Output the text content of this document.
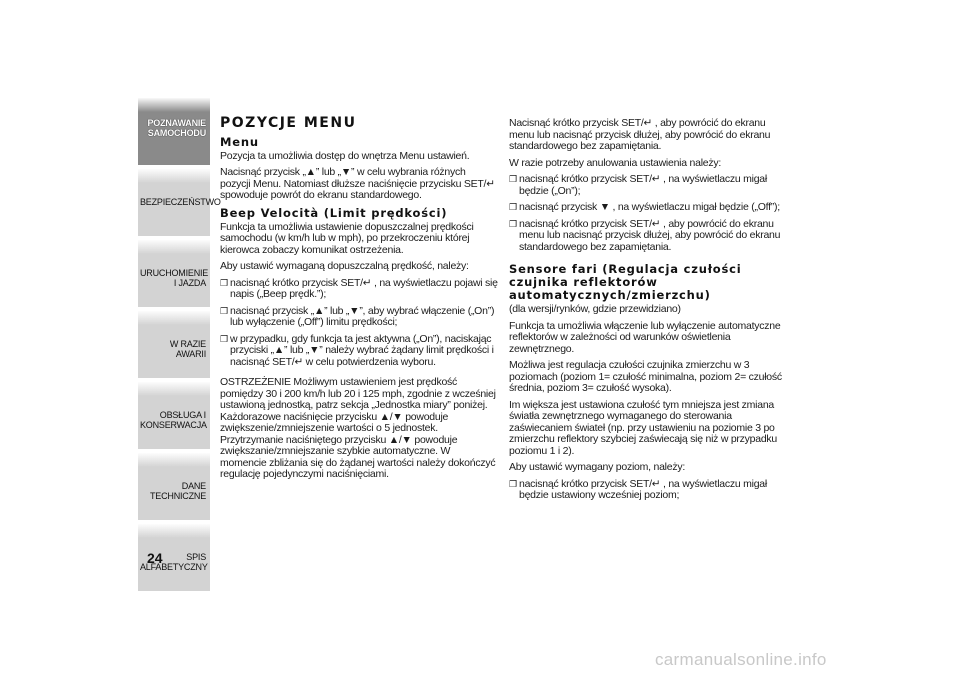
POZNAWANIE SAMOCHODU
BEZPIECZEŃSTWO
URUCHOMIENIE I JAZDA
W RAZIE AWARII
OBSŁUGA I KONSERWACJA
DANE TECHNICZNE
SPIS ALFABETYCZNY
24
POZYCJE MENU
Menu
Pozycja ta umożliwia dostęp do wnętrza Menu ustawień.
Nacisnąć przycisk „▲” lub „▼” w celu wybrania różnych pozycji Menu. Natomiast dłuższe naciśnięcie przycisku SET/↵ spowoduje powrót do ekranu standardowego.
Beep Velocità (Limit prędkości)
Funkcja ta umożliwia ustawienie dopuszczalnej prędkości samochodu (w km/h lub w mph), po przekroczeniu której kierowca zobaczy komunikat ostrzeżenia.
Aby ustawić wymaganą dopuszczalną prędkość, należy:
❒ nacisnąć krótko przycisk SET/↵ , na wyświetlaczu pojawi się napis („Beep prędk.”);
❒ nacisnąć przycisk „▲” lub „▼”, aby wybrać włączenie („On”) lub wyłączenie („Off”) limitu prędkości;
❒ w przypadku, gdy funkcja ta jest aktywna („On”), naciskając przyciski „▲” lub „▼” należy wybrać żądany limit prędkości i nacisnąć SET/↵ w celu potwierdzenia wyboru.
OSTRZEŻENIE Możliwym ustawieniem jest prędkość pomiędzy 30 i 200 km/h lub 20 i 125 mph, zgodnie z wcześniej ustawioną jednostką, patrz sekcja „Jednostka miary” poniżej. Każdorazowe naciśnięcie przycisku ▲/▼ powoduje zwiększenie/zmniejszenie wartości o 5 jednostek. Przytrzymanie naciśniętego przycisku ▲/▼ powoduje zwiększanie/zmniejszanie szybkie automatyczne. W momencie zbliżania się do żądanej wartości należy dokończyć regulację pojedynczymi naciśnięciami.
Nacisnąć krótko przycisk SET/↵ , aby powrócić do ekranu menu lub nacisnąć przycisk dłużej, aby powrócić do ekranu standardowego bez zapamiętania.
W razie potrzeby anulowania ustawienia należy:
❒ nacisnąć krótko przycisk SET/↵ , na wyświetlaczu migał będzie („On”);
❒ nacisnąć przycisk ▼ , na wyświetlaczu migał będzie („Off”);
❒ nacisnąć krótko przycisk SET/↵ , aby powrócić do ekranu menu lub nacisnąć przycisk dłużej, aby powrócić do ekranu standardowego bez zapamiętania.
Sensore fari (Regulacja czułości czujnika reflektorów automatycznych/zmierzchu)
(dla wersji/rynków, gdzie przewidziano)
Funkcja ta umożliwia włączenie lub wyłączenie automatyczne reflektorów w zależności od warunków oświetlenia zewnętrznego.
Możliwa jest regulacja czułości czujnika zmierzchu w 3 poziomach (poziom 1= czułość minimalna, poziom 2= czułość średnia, poziom 3= czułość wysoka).
Im większa jest ustawiona czułość tym mniejsza jest zmiana światła zewnętrznego wymaganego do sterowania zaświecaniem świateł (np. przy ustawieniu na poziomie 3 po zmierzchu reflektory szybciej zaświecają się niż w przypadku poziomu 1 i 2).
Aby ustawić wymagany poziom, należy:
❒ nacisnąć krótko przycisk SET/↵ , na wyświetlaczu migał będzie ustawiony wcześniej poziom;
carmanualsonline.info
